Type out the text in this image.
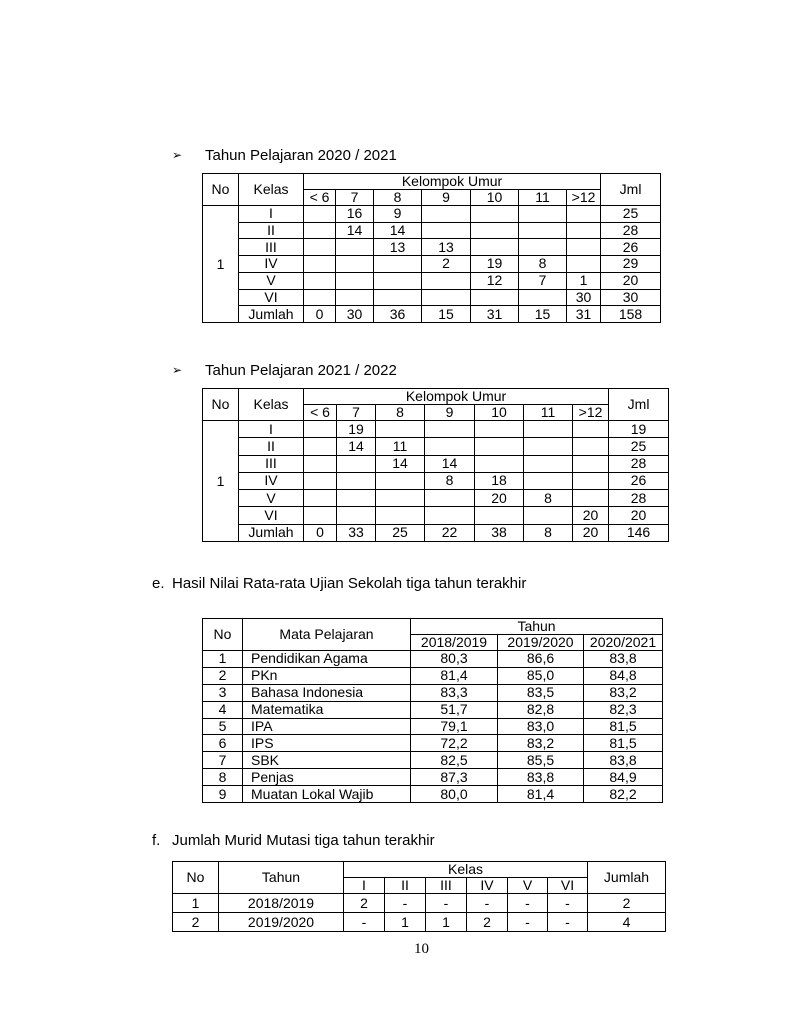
➢ Tahun Pelajaran 2020 / 2021
No	Kelas	Kelompok Umur							Jml
		< 6	7	8	9	10	11	>12	
1	I		16	9					25
	II		14	14					28
	III			13	13				26
	IV				2	19	8		29
	V					12	7	1	20
	VI							30	30
	Jumlah	0	30	36	15	31	15	31	158
➢ Tahun Pelajaran 2021 / 2022
No	Kelas	Kelompok Umur							Jml
		< 6	7	8	9	10	11	>12	
1	I		19						19
	II		14	11					25
	III			14	14				28
	IV				8	18			26
	V					20	8		28
	VI							20	20
	Jumlah	0	33	25	22	38	8	20	146
e. Hasil Nilai Rata-rata Ujian Sekolah tiga tahun terakhir
No	Mata Pelajaran	Tahun		
		2018/2019	2019/2020	2020/2021
1	Pendidikan Agama	80,3	86,6	83,8
2	PKn	81,4	85,0	84,8
3	Bahasa Indonesia	83,3	83,5	83,2
4	Matematika	51,7	82,8	82,3
5	IPA	79,1	83,0	81,5
6	IPS	72,2	83,2	81,5
7	SBK	82,5	85,5	83,8
8	Penjas	87,3	83,8	84,9
9	Muatan Lokal Wajib	80,0	81,4	82,2
f. Jumlah Murid Mutasi tiga tahun terakhir
No	Tahun	Kelas						Jumlah
		I	II	III	IV	V	VI	
1	2018/2019	2	-	-	-	-	-	2
2	2019/2020	-	1	1	2	-	-	4
10
